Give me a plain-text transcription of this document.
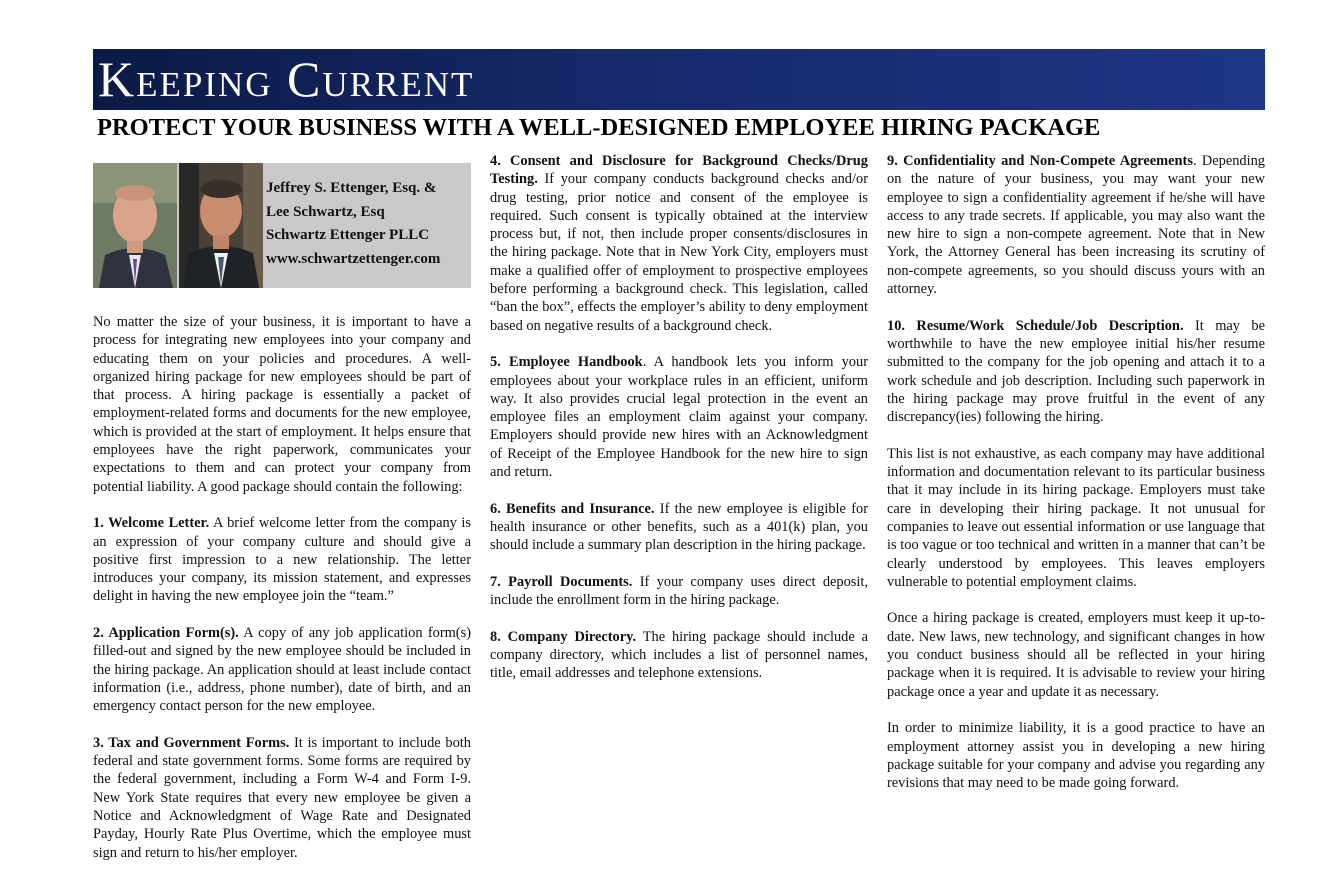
Keeping Current
PROTECT YOUR BUSINESS WITH A WELL-DESIGNED EMPLOYEE HIRING PACKAGE
Jeffrey S. Ettenger, Esq. &
Lee Schwartz, Esq
Schwartz Ettenger PLLC
www.schwartzettenger.com

No matter the size of your business, it is important to have a process for integrating new employees into your company and educating them on your policies and procedures. A well-organized hiring package for new employees should be part of that process. A hiring package is essentially a packet of employment-related forms and documents for the new employee, which is provided at the start of employment. It helps ensure that employees have the right paperwork, communicates your expectations to them and can protect your company from potential liability. A good package should contain the following:

1. Welcome Letter. A brief welcome letter from the company is an expression of your company culture and should give a positive first impression to a new relationship. The letter introduces your company, its mission statement, and expresses delight in having the new employee join the “team.”

2. Application Form(s). A copy of any job application form(s) filled-out and signed by the new employee should be included in the hiring package. An application should at least include contact information (i.e., address, phone number), date of birth, and an emergency contact person for the new employee.

3. Tax and Government Forms. It is important to include both federal and state government forms. Some forms are required by the federal government, including a Form W-4 and Form I-9. New York State requires that every new employee be given a Notice and Acknowledgment of Wage Rate and Designated Payday, Hourly Rate Plus Overtime, which the employee must sign and return to his/her employer.

4. Consent and Disclosure for Background Checks/Drug Testing. If your company conducts background checks and/or drug testing, prior notice and consent of the employee is required. Such consent is typically obtained at the interview process but, if not, then include proper consents/disclosures in the hiring package. Note that in New York City, employers must make a qualified offer of employment to prospective employees before performing a background check. This legislation, called “ban the box”, effects the employer’s ability to deny employment based on negative results of a background check.

5. Employee Handbook. A handbook lets you inform your employees about your workplace rules in an efficient, uniform way. It also provides crucial legal protection in the event an employee files an employment claim against your company. Employers should provide new hires with an Acknowledgment of Receipt of the Employee Handbook for the new hire to sign and return.

6. Benefits and Insurance. If the new employee is eligible for health insurance or other benefits, such as a 401(k) plan, you should include a summary plan description in the hiring package.

7. Payroll Documents. If your company uses direct deposit, include the enrollment form in the hiring package.

8. Company Directory. The hiring package should include a company directory, which includes a list of personnel names, title, email addresses and telephone extensions.

9. Confidentiality and Non-Compete Agreements. Depending on the nature of your business, you may want your new employee to sign a confidentiality agreement if he/she will have access to any trade secrets. If applicable, you may also want the new hire to sign a non-compete agreement. Note that in New York, the Attorney General has been increasing its scrutiny of non-compete agreements, so you should discuss yours with an attorney.

10. Resume/Work Schedule/Job Description. It may be worthwhile to have the new employee initial his/her resume submitted to the company for the job opening and attach it to a work schedule and job description. Including such paperwork in the hiring package may prove fruitful in the event of any discrepancy(ies) following the hiring.

This list is not exhaustive, as each company may have additional information and documentation relevant to its particular business that it may include in its hiring package. Employers must take care in developing their hiring package. It not unusual for companies to leave out essential information or use language that is too vague or too technical and written in a manner that can’t be clearly understood by employees. This leaves employers vulnerable to potential employment claims.

Once a hiring package is created, employers must keep it up-to-date. New laws, new technology, and significant changes in how you conduct business should all be reflected in your hiring package when it is required. It is advisable to review your hiring package once a year and update it as necessary.

In order to minimize liability, it is a good practice to have an employment attorney assist you in developing a new hiring package suitable for your company and advise you regarding any revisions that may need to be made going forward.
